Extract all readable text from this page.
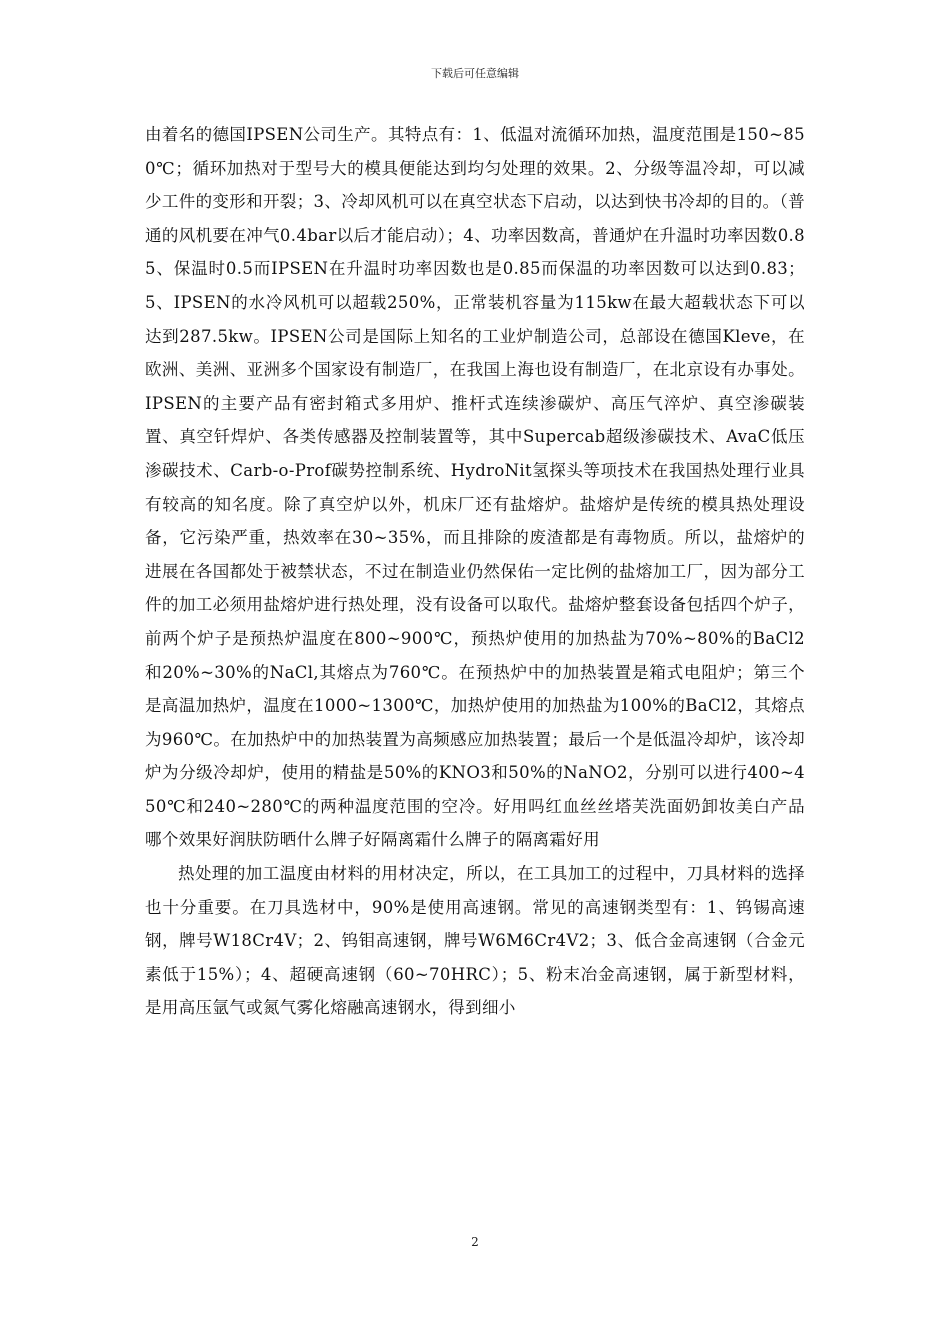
下载后可任意编辑

由着名的德国IPSEN公司生产。其特点有：1、低温对流循环加热，温度范围是150~850℃；循环加热对于型号大的模具便能达到均匀处理的效果。2、分级等温冷却，可以减少工件的变形和开裂；3、冷却风机可以在真空状态下启动，以达到快书冷却的目的。（普通的风机要在冲气0.4bar以后才能启动）；4、功率因数高，普通炉在升温时功率因数0.85、保温时0.5而IPSEN在升温时功率因数也是0.85而保温的功率因数可以达到0.83；5、IPSEN的水冷风机可以超载250%，正常装机容量为115kw在最大超载状态下可以达到287.5kw。IPSEN公司是国际上知名的工业炉制造公司，总部设在德国Kleve，在欧洲、美洲、亚洲多个国家设有制造厂，在我国上海也设有制造厂，在北京设有办事处。IPSEN的主要产品有密封箱式多用炉、推杆式连续渗碳炉、高压气淬炉、真空渗碳装置、真空钎焊炉、各类传感器及控制装置等，其中Supercab超级渗碳技术、AvaC低压渗碳技术、Carb-o-Prof碳势控制系统、HydroNit氢探头等项技术在我国热处理行业具有较高的知名度。除了真空炉以外，机床厂还有盐熔炉。盐熔炉是传统的模具热处理设备，它污染严重，热效率在30~35%，而且排除的废渣都是有毒物质。所以，盐熔炉的进展在各国都处于被禁状态，不过在制造业仍然保佑一定比例的盐熔加工厂，因为部分工件的加工必须用盐熔炉进行热处理，没有设备可以取代。盐熔炉整套设备包括四个炉子，前两个炉子是预热炉温度在800~900℃，预热炉使用的加热盐为70%~80%的BaCl2和20%~30%的NaCl,其熔点为760℃。在预热炉中的加热装置是箱式电阻炉；第三个是高温加热炉，温度在1000~1300℃，加热炉使用的加热盐为100%的BaCl2，其熔点为960℃。在加热炉中的加热装置为高频感应加热装置；最后一个是低温冷却炉，该冷却炉为分级冷却炉，使用的精盐是50%的KNO3和50%的NaNO2，分别可以进行400~450℃和240~280℃的两种温度范围的空冷。好用吗红血丝丝塔芙洗面奶卸妆美白产品哪个效果好润肤防晒什么牌子好隔离霜什么牌子的隔离霜好用

热处理的加工温度由材料的用材决定，所以，在工具加工的过程中，刀具材料的选择也十分重要。在刀具选材中，90%是使用高速钢。常见的高速钢类型有：1、钨锡高速钢，牌号W18Cr4V；2、钨钼高速钢，牌号W6M6Cr4V2；3、低合金高速钢（合金元素低于15%）；4、超硬高速钢（60~70HRC）；5、粉末冶金高速钢，属于新型材料，是用高压氩气或氮气雾化熔融高速钢水，得到细小

2
